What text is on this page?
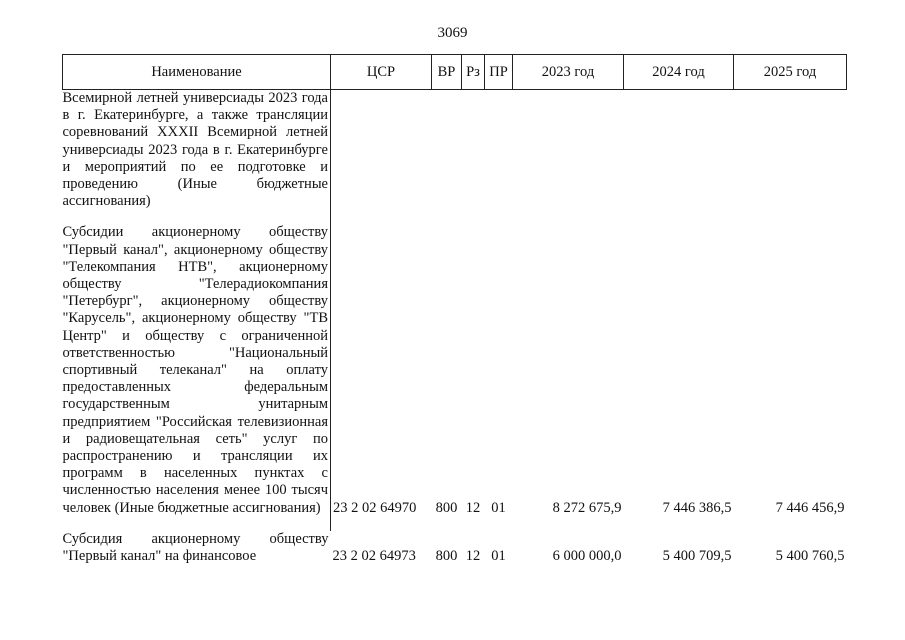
3069
Наименование	ЦСР	ВР	Рз	ПР	2023 год	2024 год	2025 год
Всемирной летней универсиады 2023 года в г. Екатеринбурге, а также трансляции соревнований XXXII Всемирной летней универсиады 2023 года в г. Екатеринбурге и мероприятий по ее подготовке и проведению (Иные бюджетные ассигнования)							

Субсидии акционерному обществу "Первый канал", акционерному обществу "Телекомпания НТВ", акционерному обществу "Телерадиокомпания "Петербург", акционерному обществу "Карусель", акционерному обществу "ТВ Центр" и обществу с ограниченной ответственностью "Национальный спортивный телеканал" на оплату предоставленных федеральным государственным унитарным предприятием "Российская телевизионная и радиовещательная сеть" услуг по распространению и трансляции их программ в населенных пунктах с численностью населения менее 100 тысяч человек (Иные бюджетные ассигнования)	23 2 02 64970	800	12	01	8 272 675,9	7 446 386,5	7 446 456,9

Субсидия акционерному обществу "Первый канал" на финансовое	23 2 02 64973	800	12	01	6 000 000,0	5 400 709,5	5 400 760,5
